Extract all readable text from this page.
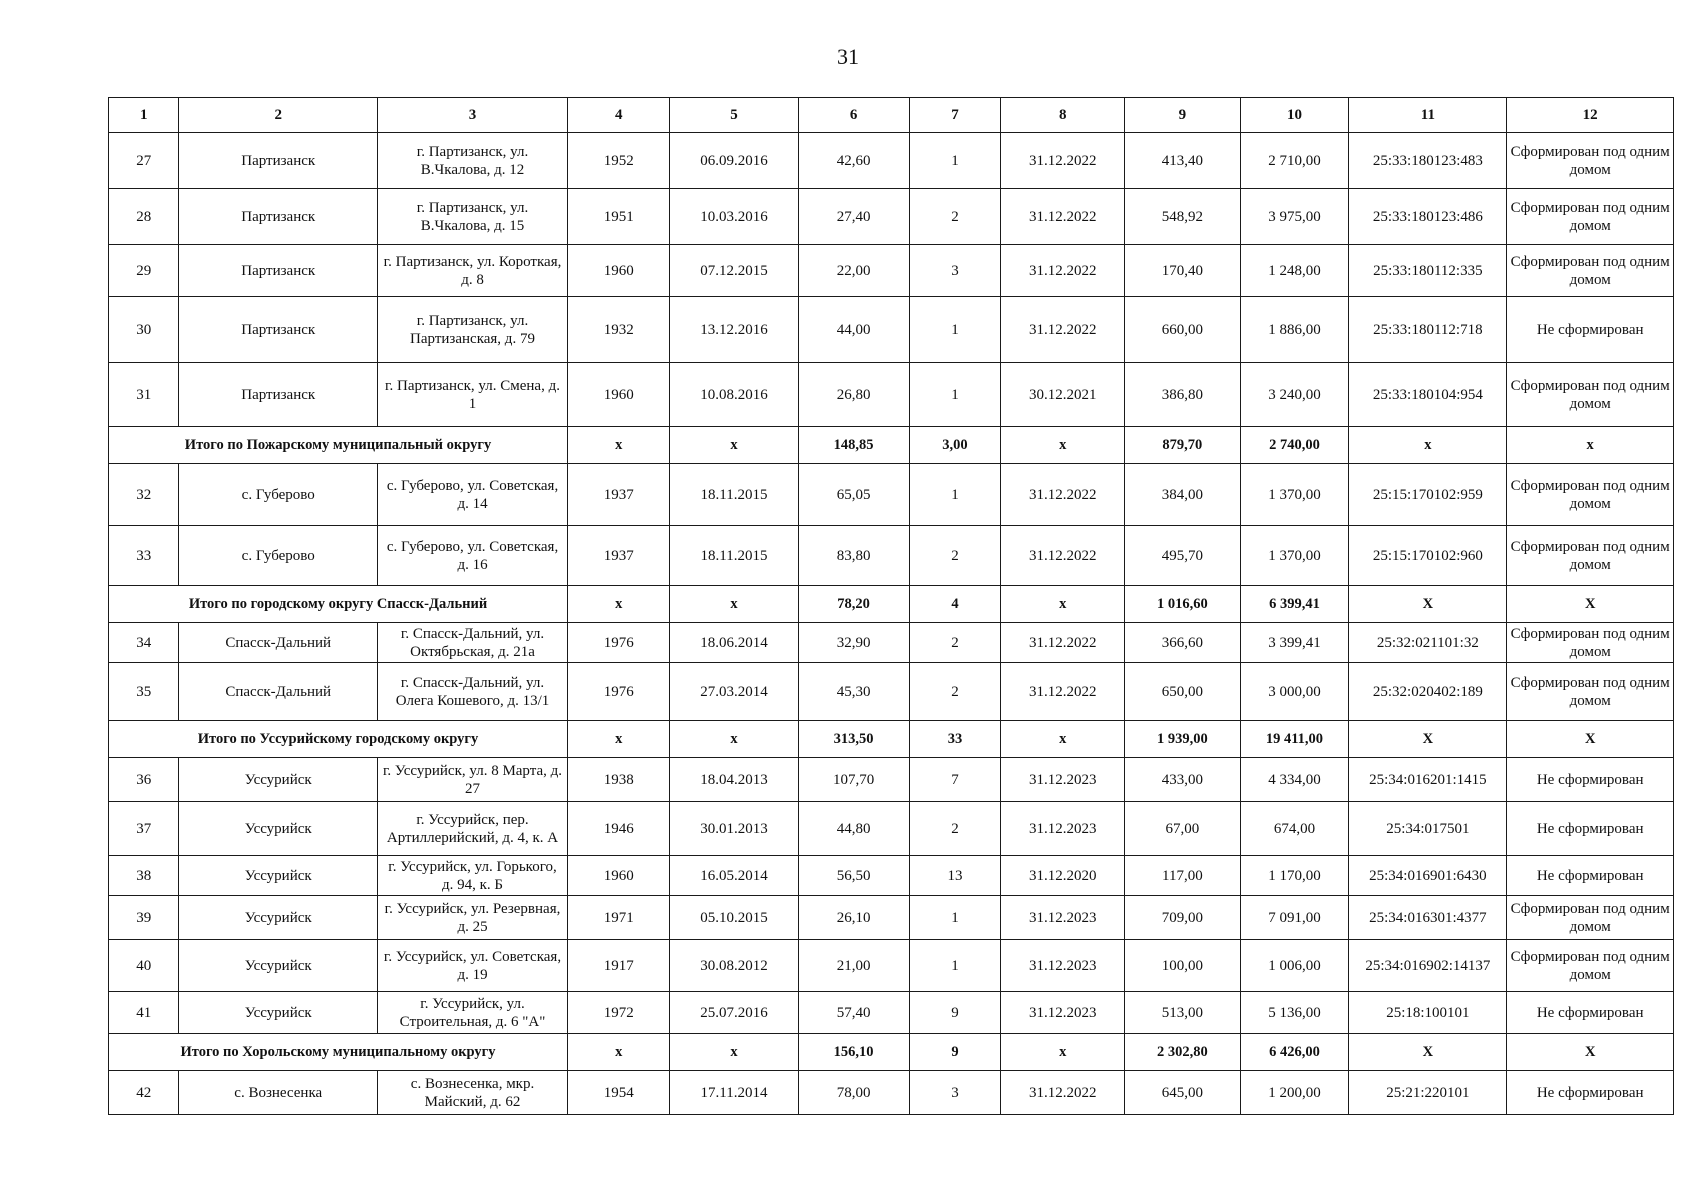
31
1	2	3	4	5	6	7	8	9	10	11	12
27	Партизанск	г. Партизанск, ул. В.Чкалова, д. 12	1952	06.09.2016	42,60	1	31.12.2022	413,40	2 710,00	25:33:180123:483	Сформирован под одним домом
28	Партизанск	г. Партизанск, ул. В.Чкалова, д. 15	1951	10.03.2016	27,40	2	31.12.2022	548,92	3 975,00	25:33:180123:486	Сформирован под одним домом
29	Партизанск	г. Партизанск, ул. Короткая, д. 8	1960	07.12.2015	22,00	3	31.12.2022	170,40	1 248,00	25:33:180112:335	Сформирован под одним домом
30	Партизанск	г. Партизанск, ул. Партизанская, д. 79	1932	13.12.2016	44,00	1	31.12.2022	660,00	1 886,00	25:33:180112:718	Не сформирован
31	Партизанск	г. Партизанск, ул. Смена, д. 1	1960	10.08.2016	26,80	1	30.12.2021	386,80	3 240,00	25:33:180104:954	Сформирован под одним домом
Итого по Пожарскому муниципальный округу			х	х	148,85	3,00	х	879,70	2 740,00	х	х
32	с. Губерово	с. Губерово, ул. Советская, д. 14	1937	18.11.2015	65,05	1	31.12.2022	384,00	1 370,00	25:15:170102:959	Сформирован под одним домом
33	с. Губерово	с. Губерово, ул. Советская, д. 16	1937	18.11.2015	83,80	2	31.12.2022	495,70	1 370,00	25:15:170102:960	Сформирован под одним домом
Итого по городскому округу Спасск-Дальний			х	х	78,20	4	х	1 016,60	6 399,41	X	X
34	Спасск-Дальний	г. Спасск-Дальний, ул. Октябрьская, д. 21а	1976	18.06.2014	32,90	2	31.12.2022	366,60	3 399,41	25:32:021101:32	Сформирован под одним домом
35	Спасск-Дальний	г. Спасск-Дальний, ул. Олега Кошевого, д. 13/1	1976	27.03.2014	45,30	2	31.12.2022	650,00	3 000,00	25:32:020402:189	Сформирован под одним домом
Итого по Уссурийскому городскому округу			х	х	313,50	33	х	1 939,00	19 411,00	X	X
36	Уссурийск	г. Уссурийск, ул. 8 Марта, д. 27	1938	18.04.2013	107,70	7	31.12.2023	433,00	4 334,00	25:34:016201:1415	Не сформирован
37	Уссурийск	г. Уссурийск, пер. Артиллерийский, д. 4, к. А	1946	30.01.2013	44,80	2	31.12.2023	67,00	674,00	25:34:017501	Не сформирован
38	Уссурийск	г. Уссурийск, ул. Горького, д. 94, к. Б	1960	16.05.2014	56,50	13	31.12.2020	117,00	1 170,00	25:34:016901:6430	Не сформирован
39	Уссурийск	г. Уссурийск, ул. Резервная, д. 25	1971	05.10.2015	26,10	1	31.12.2023	709,00	7 091,00	25:34:016301:4377	Сформирован под одним домом
40	Уссурийск	г. Уссурийск, ул. Советская, д. 19	1917	30.08.2012	21,00	1	31.12.2023	100,00	1 006,00	25:34:016902:14137	Сформирован под одним домом
41	Уссурийск	г. Уссурийск, ул. Строительная, д. 6 "А"	1972	25.07.2016	57,40	9	31.12.2023	513,00	5 136,00	25:18:100101	Не сформирован
Итого по Хорольскому муниципальному округу			х	х	156,10	9	х	2 302,80	6 426,00	X	X
42	с. Вознесенка	с. Вознесенка, мкр. Майский, д. 62	1954	17.11.2014	78,00	3	31.12.2022	645,00	1 200,00	25:21:220101	Не сформирован
